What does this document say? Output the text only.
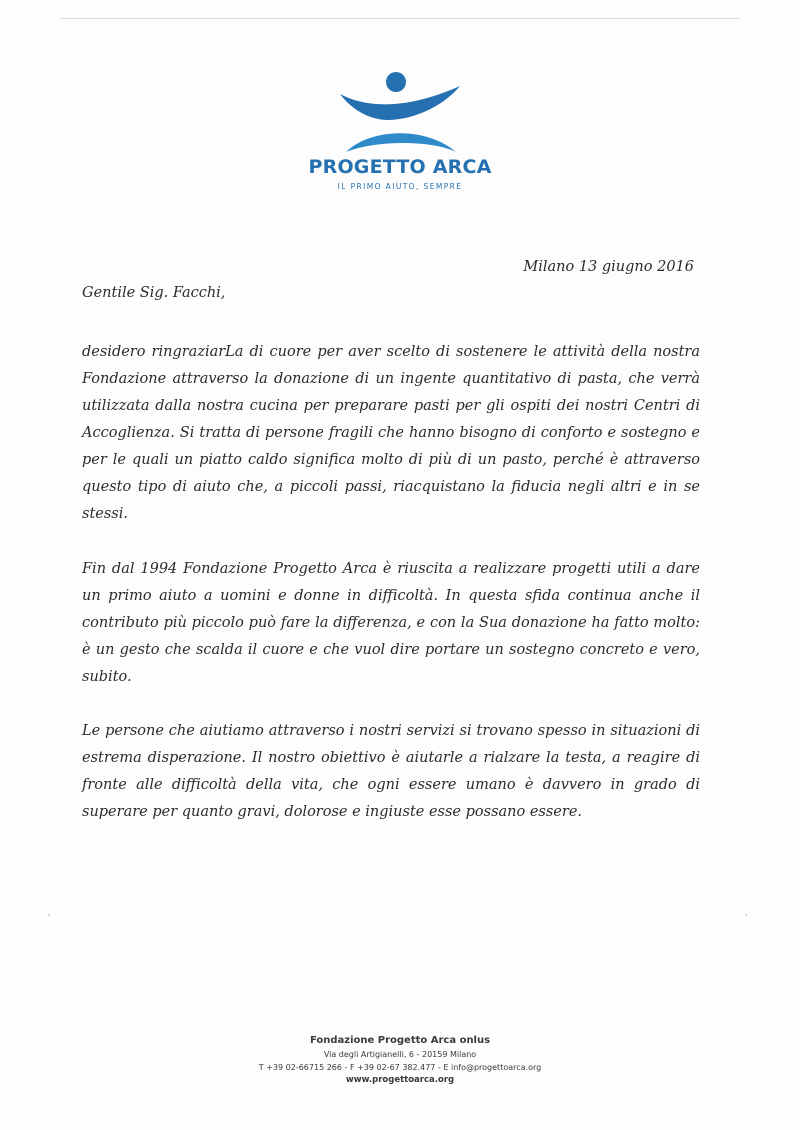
PROGETTO ARCA
IL PRIMO AIUTO, SEMPRE
Milano 13 giugno 2016
Gentile Sig. Facchi,

desidero ringraziarLa di cuore per aver scelto di sostenere le attività della nostra Fondazione attraverso la donazione di un ingente quantitativo di pasta, che verrà utilizzata dalla nostra cucina per preparare pasti per gli ospiti dei nostri Centri di Accoglienza. Si tratta di persone fragili che hanno bisogno di conforto e sostegno e per le quali un piatto caldo significa molto di più di un pasto, perché è attraverso questo tipo di aiuto che, a piccoli passi, riacquistano la fiducia negli altri e in se stessi.

Fin dal 1994 Fondazione Progetto Arca è riuscita a realizzare progetti utili a dare un primo aiuto a uomini e donne in difficoltà. In questa sfida continua anche il contributo più piccolo può fare la differenza, e con la Sua donazione ha fatto molto: è un gesto che scalda il cuore e che vuol dire portare un sostegno concreto e vero, subito.

Le persone che aiutiamo attraverso i nostri servizi si trovano spesso in situazioni di estrema disperazione. Il nostro obiettivo è aiutarle a rialzare la testa, a reagire di fronte alle difficoltà della vita, che ogni essere umano è davvero in grado di superare per quanto gravi, dolorose e ingiuste esse possano essere.

Fondazione Progetto Arca onlus
Via degli Artigianelli, 6 - 20159 Milano
T +39 02-66715 266 - F +39 02-67 382.477 - E info@progettoarca.org
www.progettoarca.org
